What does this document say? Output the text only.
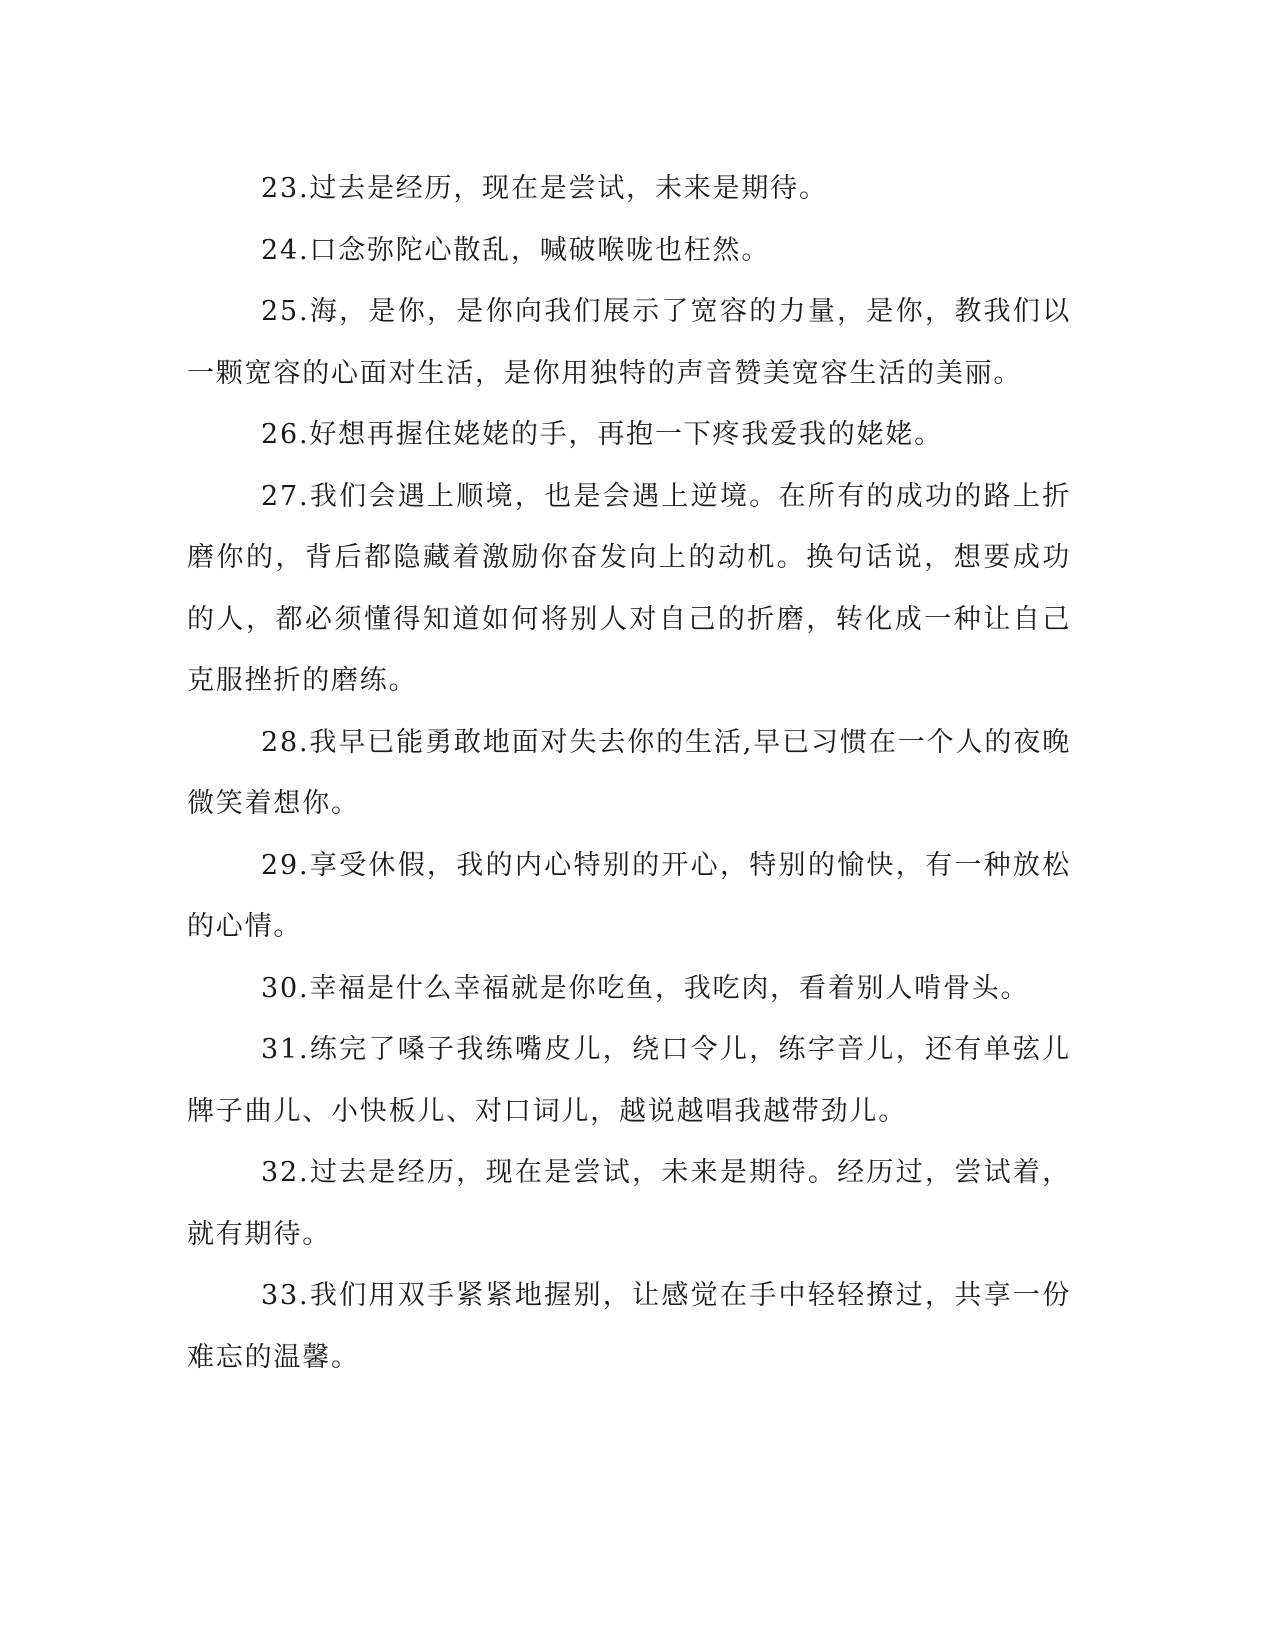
23.过去是经历，现在是尝试，未来是期待。

24.口念弥陀心散乱，喊破喉咙也枉然。

25.海，是你，是你向我们展示了宽容的力量，是你，教我们以一颗宽容的心面对生活，是你用独特的声音赞美宽容生活的美丽。

26.好想再握住姥姥的手，再抱一下疼我爱我的姥姥。

27.我们会遇上顺境，也是会遇上逆境。在所有的成功的路上折磨你的，背后都隐藏着激励你奋发向上的动机。换句话说，想要成功的人，都必须懂得知道如何将别人对自己的折磨，转化成一种让自己克服挫折的磨练。

28.我早已能勇敢地面对失去你的生活,早已习惯在一个人的夜晚微笑着想你。

29.享受休假，我的内心特别的开心，特别的愉快，有一种放松的心情。

30.幸福是什么幸福就是你吃鱼，我吃肉，看着别人啃骨头。

31.练完了嗓子我练嘴皮儿，绕口令儿，练字音儿，还有单弦儿牌子曲儿、小快板儿、对口词儿，越说越唱我越带劲儿。

32.过去是经历，现在是尝试，未来是期待。经历过，尝试着，就有期待。

33.我们用双手紧紧地握别，让感觉在手中轻轻撩过，共享一份难忘的温馨。
